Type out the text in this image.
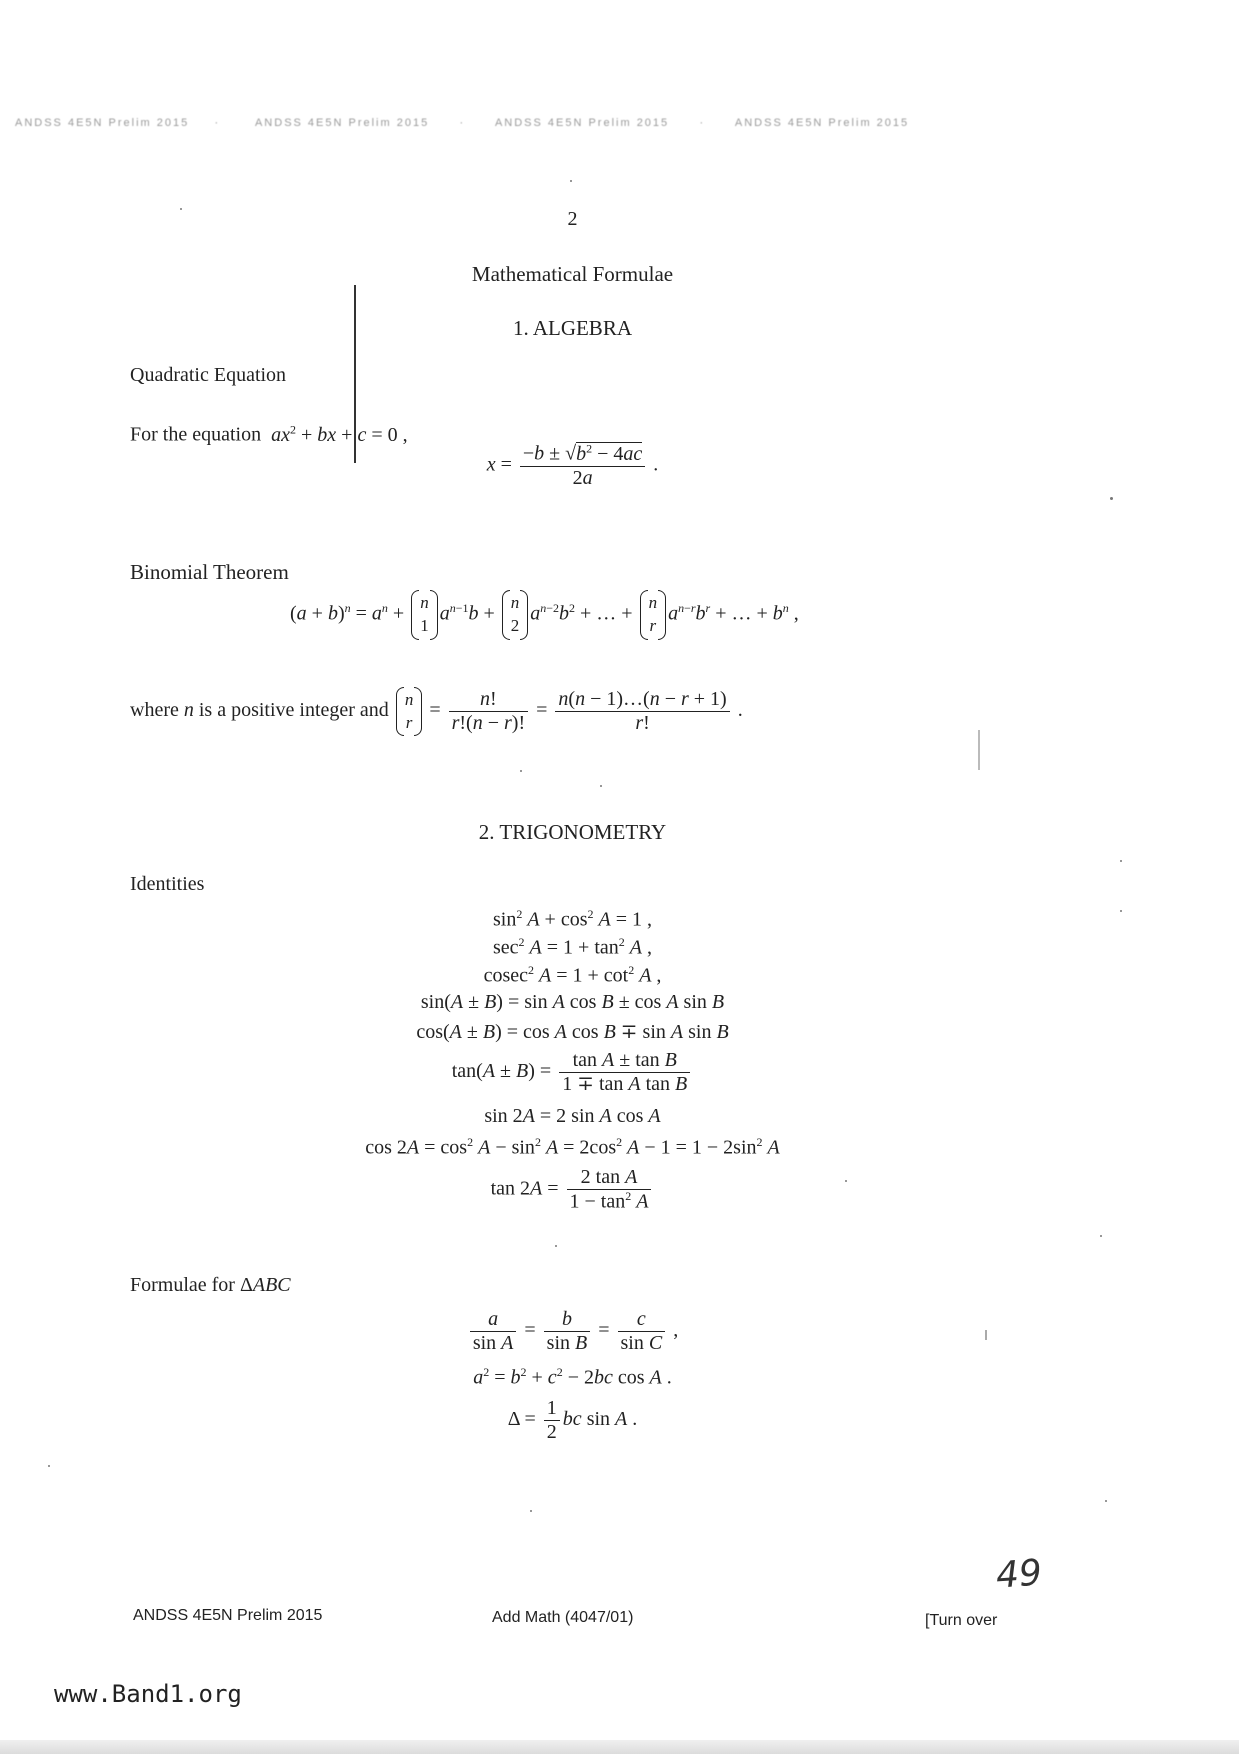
ANDSS 4E5N Prelim 2015     ·       ANDSS 4E5N Prelim 2015      ·      ANDSS 4E5N Prelim 2015      ·      ANDSS 4E5N Prelim 2015
2
Mathematical Formulae
1. ALGEBRA
Quadratic Equation
For the equation $ax^2$ + bx + c = 0 ,
$x = \frac{-b \pm √b^2 - 4ac}{2a}$ .
Binomial Theorem
$(a + b)^n = a^n$ +
n
1
$a^{n-1}b$ +
n
2
$a^{n-2}b^2$ + … +
n
r
$a^{n-r}b^r$ + … + $b^n$ ,
where n is a positive integer and
n
r
= $\frac{n!}{r!(n - r)!} = \frac{n(n - 1)\dots(n - r + 1)}{r!}$ .
2. TRIGONOMETRY
Identities
$\sin^2 A + \cos^2 A = 1$ ,
$\sec^2 A = 1 + \tan^2 A$ ,
cosec$^2$ $A = 1 + \cot^2 A$ ,
sin(A ± B) = sin A cos B ± cos A sin B
cos(A ± B) = cos A cos B ∓ sin A sin B
$\tan(A \pm B) = \frac{\text{tan A ± tan B}}{\text{1 ∓ tan A tan B}}$
sin 2A = 2 sin A cos A
$\cos 2A = \cos^2 A - \sin^2 A = 2\cos^2$ $A - 1 = 1 - 2\sin^2$ A
$\tan 2A = \frac{\text{2 tan A}}{1 - \tan^2 A}$
Formulae for ΔABC
$\frac{a}{\text{sin A}} = \frac{b}{\text{sin B}} = \frac{c}{\text{sin C}}$ ,
$a^2 = b^2 + c^2 - 2bc$ cos A .
$\Delta = \frac{1}{2}$ bc sin A .
49
ANDSS 4E5N Prelim 2015	Add Math (4047/01)	[Turn over
www.Band1.org
